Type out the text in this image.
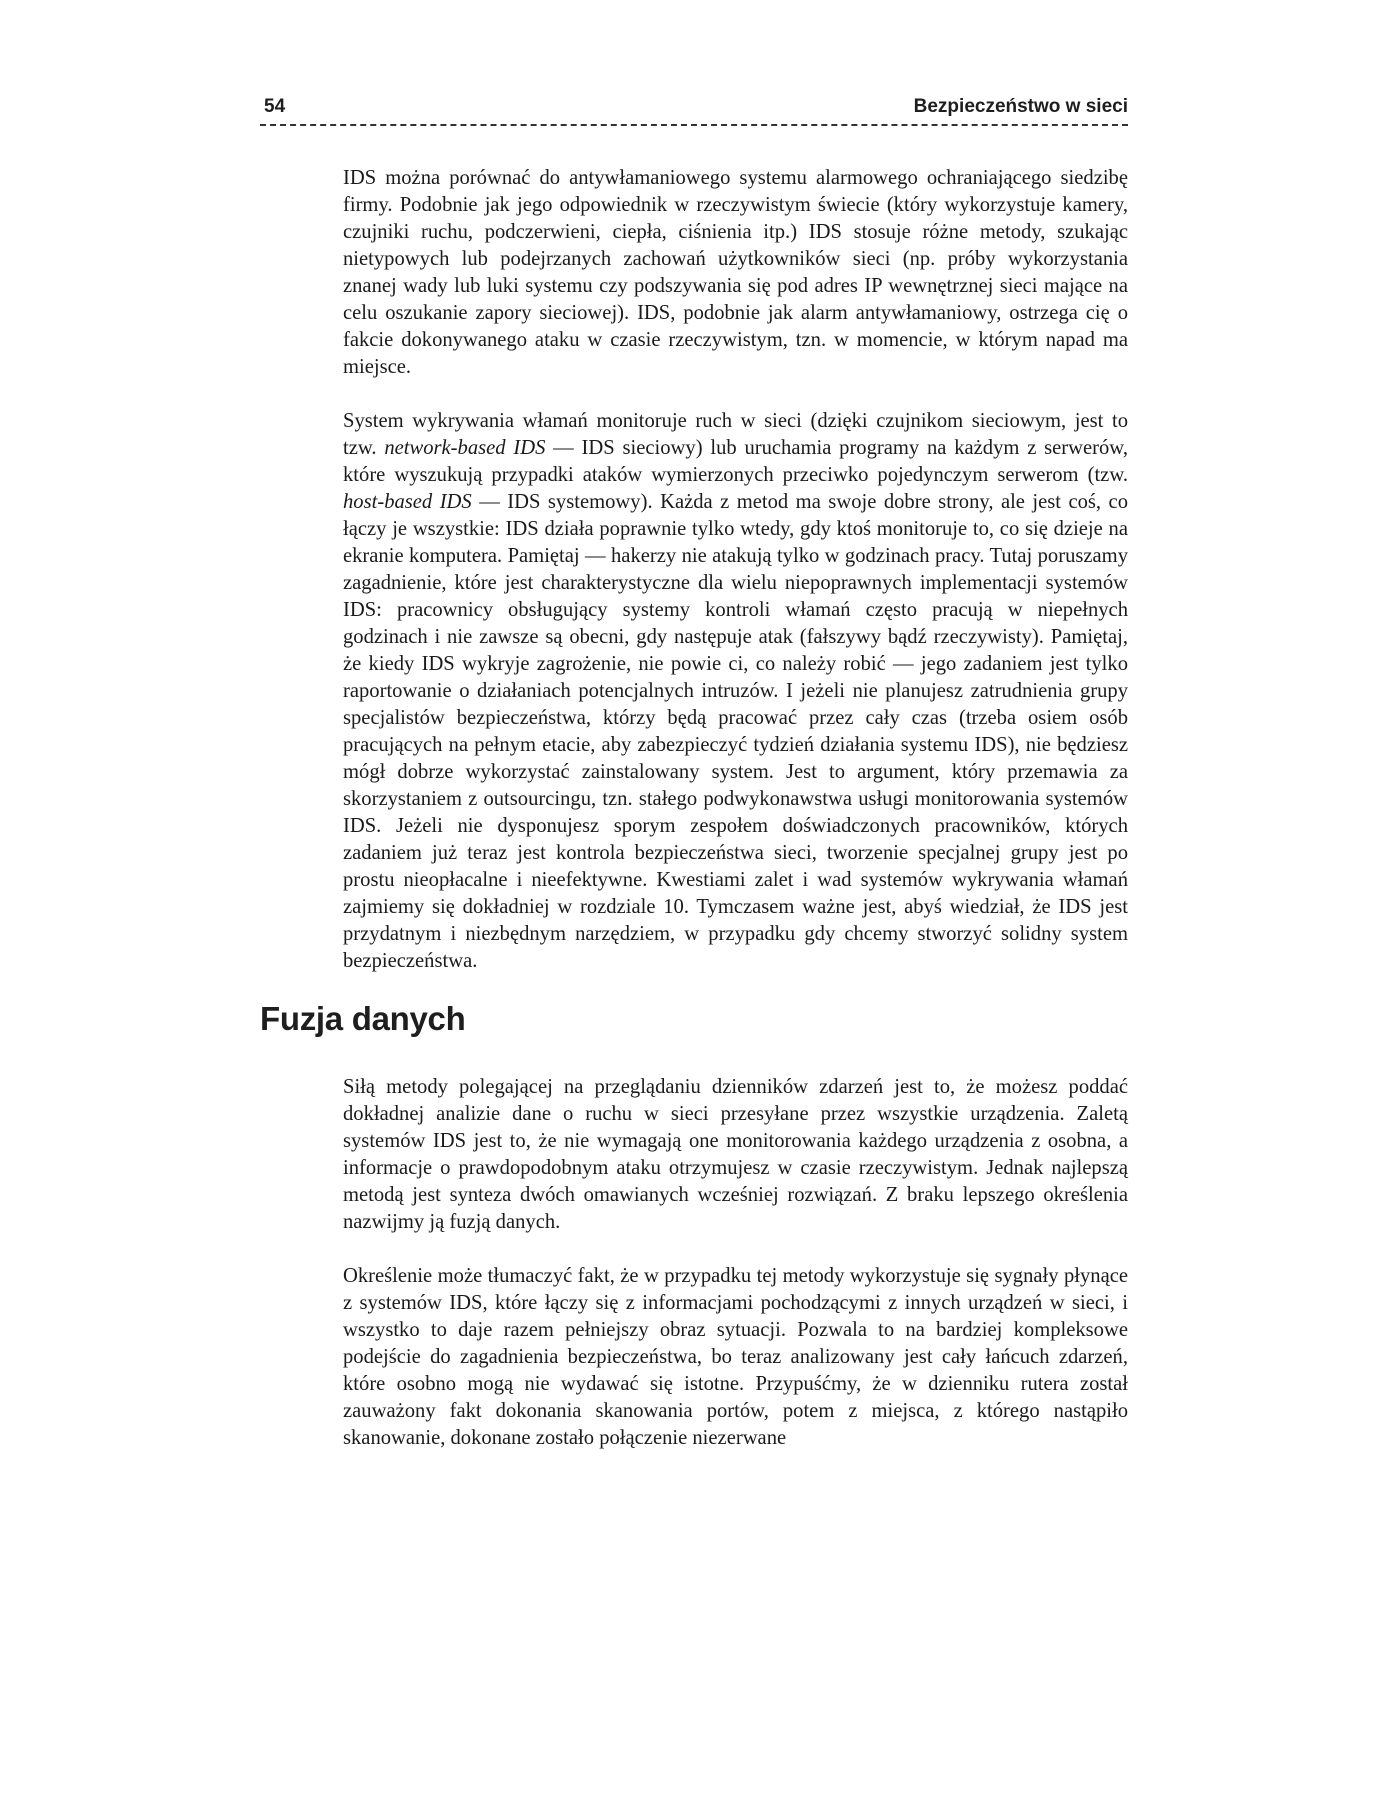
54	Bezpieczeństwo w sieci

IDS można porównać do antywłamaniowego systemu alarmowego ochraniającego siedzibę firmy. Podobnie jak jego odpowiednik w rzeczywistym świecie (który wykorzystuje kamery, czujniki ruchu, podczerwieni, ciepła, ciśnienia itp.) IDS stosuje różne metody, szukając nietypowych lub podejrzanych zachowań użytkowników sieci (np. próby wykorzystania znanej wady lub luki systemu czy podszywania się pod adres IP wewnętrznej sieci mające na celu oszukanie zapory sieciowej). IDS, podobnie jak alarm antywłamaniowy, ostrzega cię o fakcie dokonywanego ataku w czasie rzeczywistym, tzn. w momencie, w którym napad ma miejsce.

System wykrywania włamań monitoruje ruch w sieci (dzięki czujnikom sieciowym, jest to tzw. network-based IDS — IDS sieciowy) lub uruchamia programy na każdym z serwerów, które wyszukują przypadki ataków wymierzonych przeciwko pojedynczym serwerom (tzw. host-based IDS — IDS systemowy). Każda z metod ma swoje dobre strony, ale jest coś, co łączy je wszystkie: IDS działa poprawnie tylko wtedy, gdy ktoś monitoruje to, co się dzieje na ekranie komputera. Pamiętaj — hakerzy nie atakują tylko w godzinach pracy. Tutaj poruszamy zagadnienie, które jest charakterystyczne dla wielu niepoprawnych implementacji systemów IDS: pracownicy obsługujący systemy kontroli włamań często pracują w niepełnych godzinach i nie zawsze są obecni, gdy następuje atak (fałszywy bądź rzeczywisty). Pamiętaj, że kiedy IDS wykryje zagrożenie, nie powie ci, co należy robić — jego zadaniem jest tylko raportowanie o działaniach potencjalnych intruzów. I jeżeli nie planujesz zatrudnienia grupy specjalistów bezpieczeństwa, którzy będą pracować przez cały czas (trzeba osiem osób pracujących na pełnym etacie, aby zabezpieczyć tydzień działania systemu IDS), nie będziesz mógł dobrze wykorzystać zainstalowany system. Jest to argument, który przemawia za skorzystaniem z outsourcingu, tzn. stałego podwykonawstwa usługi monitorowania systemów IDS. Jeżeli nie dysponujesz sporym zespołem doświadczonych pracowników, których zadaniem już teraz jest kontrola bezpieczeństwa sieci, tworzenie specjalnej grupy jest po prostu nieopłacalne i nieefektywne. Kwestiami zalet i wad systemów wykrywania włamań zajmiemy się dokładniej w rozdziale 10. Tymczasem ważne jest, abyś wiedział, że IDS jest przydatnym i niezbędnym narzędziem, w przypadku gdy chcemy stworzyć solidny system bezpieczeństwa.

Fuzja danych

Siłą metody polegającej na przeglądaniu dzienników zdarzeń jest to, że możesz poddać dokładnej analizie dane o ruchu w sieci przesyłane przez wszystkie urządzenia. Zaletą systemów IDS jest to, że nie wymagają one monitorowania każdego urządzenia z osobna, a informacje o prawdopodobnym ataku otrzymujesz w czasie rzeczywistym. Jednak najlepszą metodą jest synteza dwóch omawianych wcześniej rozwiązań. Z braku lepszego określenia nazwijmy ją fuzją danych.

Określenie może tłumaczyć fakt, że w przypadku tej metody wykorzystuje się sygnały płynące z systemów IDS, które łączy się z informacjami pochodzącymi z innych urządzeń w sieci, i wszystko to daje razem pełniejszy obraz sytuacji. Pozwala to na bardziej kompleksowe podejście do zagadnienia bezpieczeństwa, bo teraz analizowany jest cały łańcuch zdarzeń, które osobno mogą nie wydawać się istotne. Przypuśćmy, że w dzienniku rutera został zauważony fakt dokonania skanowania portów, potem z miejsca, z którego nastąpiło skanowanie, dokonane zostało połączenie niezerwane
